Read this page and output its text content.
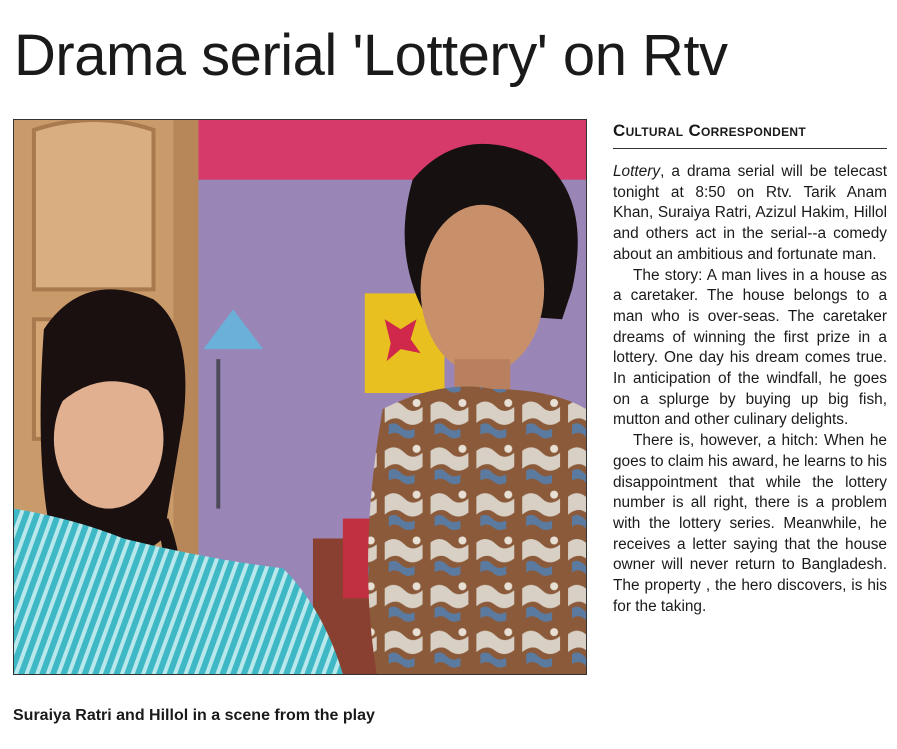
Drama serial 'Lottery' on Rtv
Suraiya Ratri and Hillol in a scene from the play
Cultural Correspondent

Lottery, a drama serial will be telecast tonight at 8:50 on Rtv. Tarik Anam Khan, Suraiya Ratri, Azizul Hakim, Hillol and others act in the serial--a comedy about an ambitious and fortunate man.

The story: A man lives in a house as a caretaker. The house belongs to a man who is over-seas. The caretaker dreams of winning the first prize in a lottery. One day his dream comes true. In anticipation of the windfall, he goes on a splurge by buying up big fish, mutton and other culinary delights.

There is, however, a hitch: When he goes to claim his award, he learns to his disappointment that while the lottery number is all right, there is a problem with the lottery series. Meanwhile, he receives a letter saying that the house owner will never return to Bangladesh. The property , the hero discovers, is his for the taking.
